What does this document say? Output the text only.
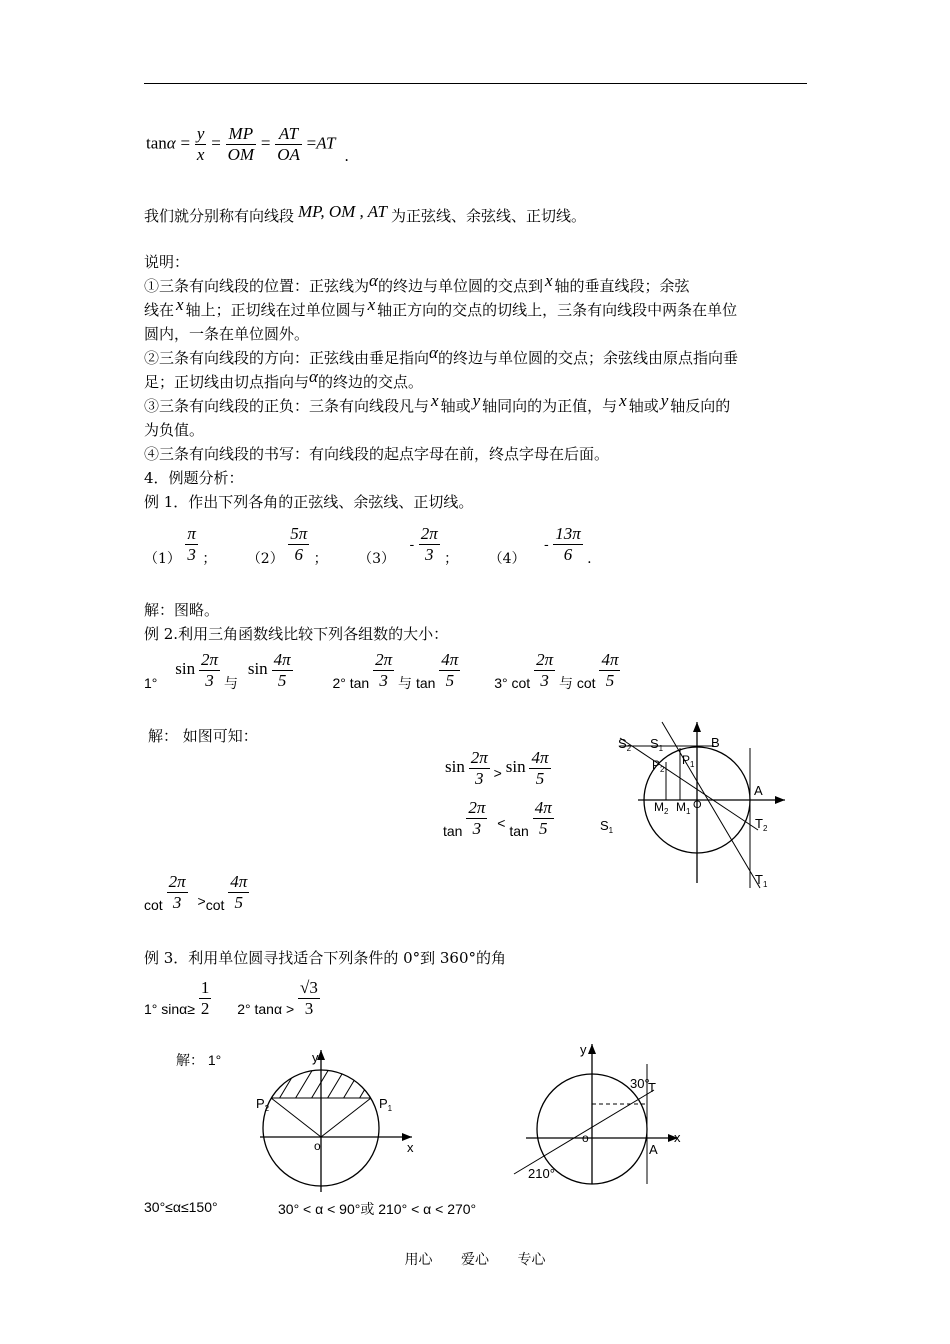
$\tan\alpha = \frac{y}{x} = \frac{MP}{OM} = \frac{AT}{OA} =AT$ .
我们就分别称有向线段 MP, OM , AT 为正弦线、余弦线、正切线。
说明：
①三条有向线段的位置：正弦线为α的终边与单位圆的交点到 x 轴的垂直线段；余弦
线在 x 轴上；正切线在过单位圆与 x 轴正方向的交点的切线上，三条有向线段中两条在单位
圆内，一条在单位圆外。
②三条有向线段的方向：正弦线由垂足指向α的终边与单位圆的交点；余弦线由原点指向垂
足；正切线由切点指向与α的终边的交点。
③三条有向线段的正负：三条有向线段凡与 x 轴或 y 轴同向的为正值，与 x 轴或 y 轴反向的
为负值。
④三条有向线段的书写：有向线段的起点字母在前，终点字母在后面。
4．例题分析：
例 1．作出下列各角的正弦线、余弦线、正切线。
$(1) \frac{\pi}{3}$ ； $(2) \frac{5\pi}{6}$ ； $(3) - \frac{2\pi}{3}$ ； $(4) - \frac{13\pi}{6}$ .
解：图略。
例 2.利用三角函数线比较下列各组数的大小：
1° $\sin \frac{2\pi}{3}$ 与 $\sin \frac{4\pi}{5}$	2° $\tan \frac{2\pi}{3}$ 与 $\tan \frac{4\pi}{5} 3^\circ$ $\cot \frac{2\pi}{3}$ 与 $\cot \frac{4\pi}{5}$
解： 如图可知：
$\sin \frac{2\pi}{3} > \sin \frac{4\pi}{5}$
$\tan \frac{2\pi}{3} < \tan \frac{4\pi}{5}$
$\cot \frac{2\pi}{3} >\cot \frac{4\pi}{5}$
$S_2$ $S_1$	B
$P_1$
$P_2$
A
$M_2$ $M_1$
O
$T_2$
$T_1$
$S_1$
例 3．利用单位圆寻找适合下列条件的 0°到 360°的角
1° $\sin\alpha\ge \frac{1}{2} 2^\circ$ $\tan\alpha > \frac{√3}{3}$
解： 1°	y
x
o
$P_2$	$P_1$
y
x
o
A
T
30°
210°
30°≤α≤150°	30° < α < 90°或 210° < α < 270°
用心 爱心 专心
